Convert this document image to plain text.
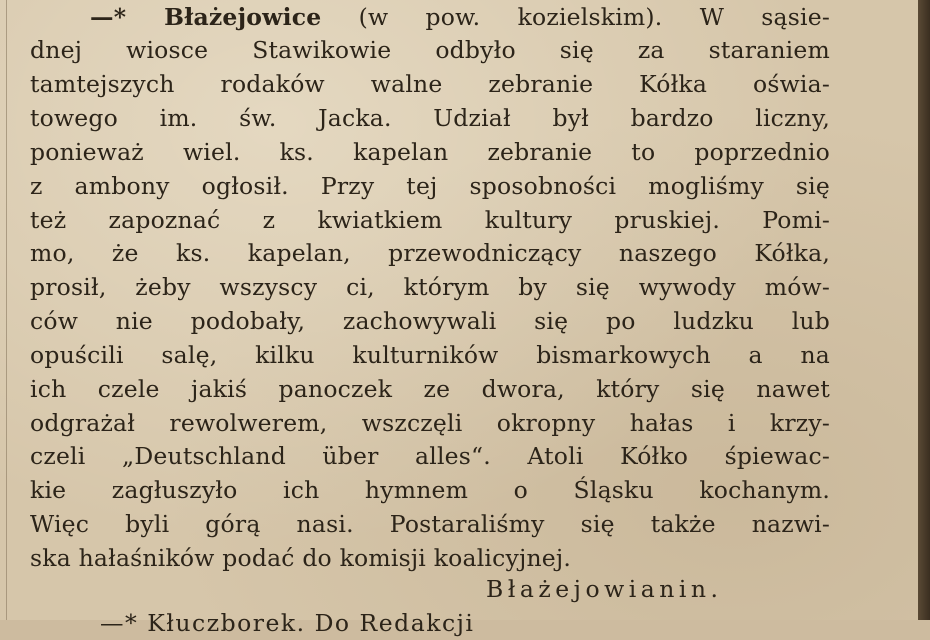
—* Błażejowice (w pow. kozielskim). W sąsie-
dnej wiosce Stawikowie odbyło się za staraniem
tamtejszych rodaków walne zebranie Kółka oświa-
towego im. św. Jacka. Udział był bardzo liczny,
ponieważ wiel. ks. kapelan zebranie to poprzednio
z ambony ogłosił. Przy tej sposobności mogliśmy się
też zapoznać z kwiatkiem kultury pruskiej. Pomi-
mo, że ks. kapelan, przewodniczący naszego Kółka,
prosił, żeby wszyscy ci, którym by się wywody mów-
ców nie podobały, zachowywali się po ludzku lub
opuścili salę, kilku kulturników bismarkowych a na
ich czele jakiś panoczek ze dwora, który się nawet
odgrażał rewolwerem, wszczęli okropny hałas i krzy-
czeli „Deutschland über alles“. Atoli Kółko śpiewac-
kie zagłuszyło ich hymnem o Śląsku kochanym.
Więc byli górą nasi. Postaraliśmy się także nazwi-
ska hałaśników podać do komisji koalicyjnej.
Błażejowianin.
—* Kłuczborek. Do Redakcji
